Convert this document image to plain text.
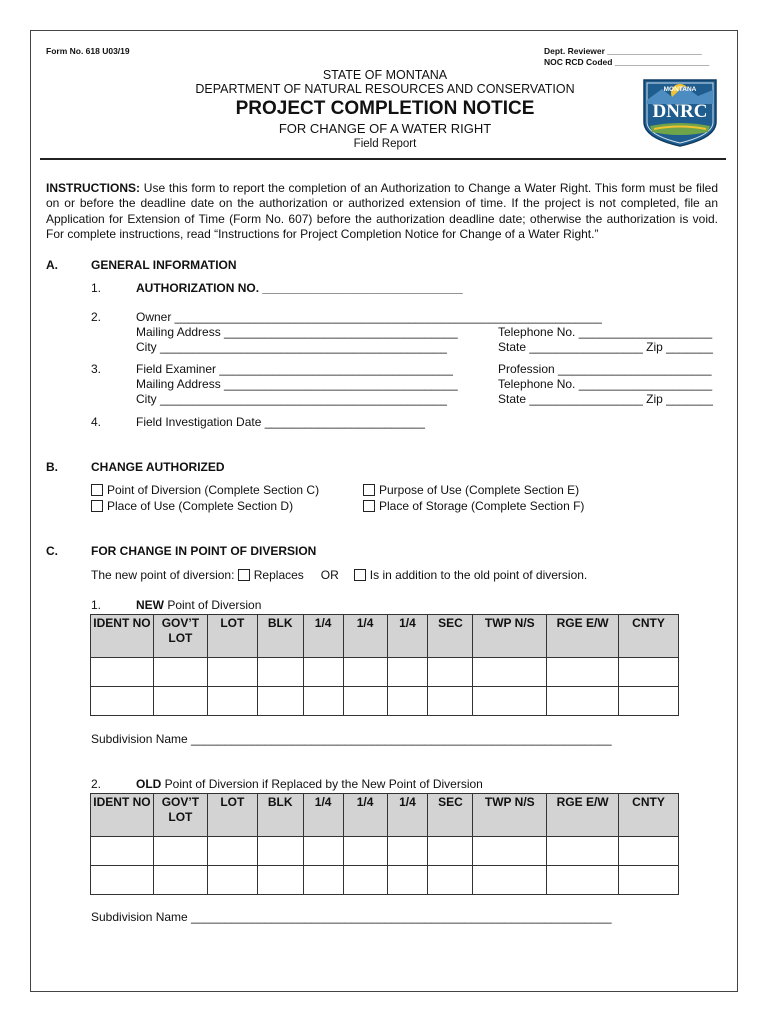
Form No. 618 U03/19	Dept. Reviewer ____________________
NOC RCD Coded ____________________
STATE OF MONTANA
DEPARTMENT OF NATURAL RESOURCES AND CONSERVATION
PROJECT COMPLETION NOTICE
FOR CHANGE OF A WATER RIGHT
Field Report
MONTANA
DNRC
INSTRUCTIONS: Use this form to report the completion of an Authorization to Change a Water Right. This form must be filed on or before the deadline date on the authorization or authorized extension of time. If the project is not completed, file an Application for Extension of Time (Form No. 607) before the authorization deadline date; otherwise the authorization is void. For complete instructions, read “Instructions for Project Completion Notice for Change of a Water Right.”
A.	GENERAL INFORMATION
1.	AUTHORIZATION NO. ______________________________
2.	Owner ________________________________________________________________
Mailing Address ___________________________________
City ___________________________________________
Telephone No. ____________________
State _________________ Zip _______
3.	Field Examiner ___________________________________
Mailing Address ___________________________________
City ___________________________________________
Profession _______________________
Telephone No. ____________________
State _________________ Zip _______
4.	Field Investigation Date ________________________
B.	CHANGE AUTHORIZED
Point of Diversion (Complete Section C)
Place of Use (Complete Section D)
Purpose of Use (Complete Section E)
Place of Storage (Complete Section F)
C.	FOR CHANGE IN POINT OF DIVERSION
The new point of diversion: Replaces OR	Is in addition to the old point of diversion.
1.	NEW Point of Diversion
IDENT NO	GOV’T LOT	LOT	BLK	1/4	1/4	1/4	SEC	TWP N/S	RGE E/W	CNTY

Subdivision Name _______________________________________________________________
2.	OLD Point of Diversion if Replaced by the New Point of Diversion
IDENT NO	GOV’T LOT	LOT	BLK	1/4	1/4	1/4	SEC	TWP N/S	RGE E/W	CNTY

Subdivision Name _______________________________________________________________
